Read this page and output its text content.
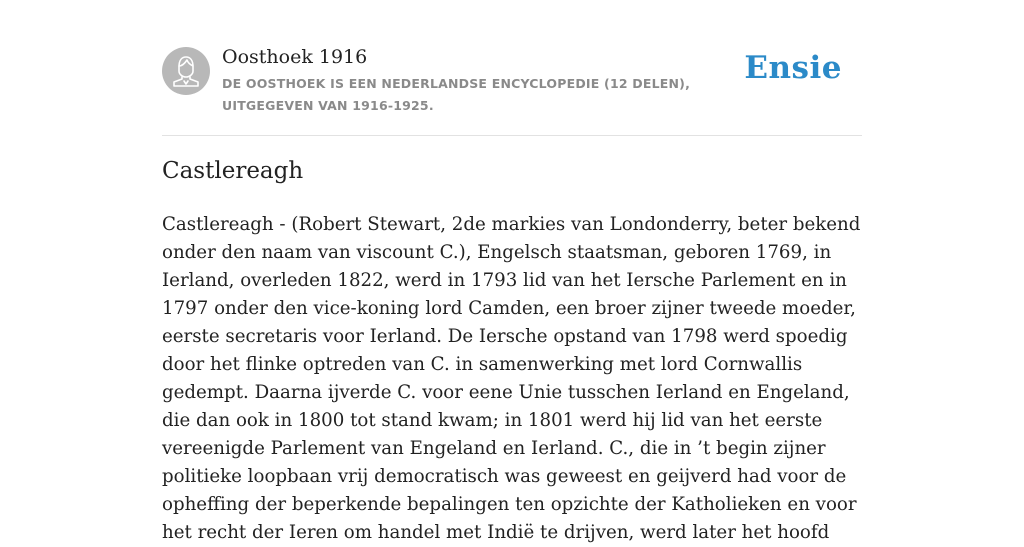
Oosthoek 1916
DE OOSTHOEK IS EEN NEDERLANDSE ENCYCLOPEDIE (12 DELEN), UITGEGEVEN VAN 1916-1925.
Ensie
Castlereagh

Castlereagh - (Robert Stewart, 2de markies van Londonderry, beter bekend onder den naam van viscount C.), Engelsch staatsman, geboren 1769, in Ierland, overleden 1822, werd in 1793 lid van het Iersche Parlement en in 1797 onder den vice-koning lord Camden, een broer zijner tweede moeder, eerste secretaris voor Ierland. De Iersche opstand van 1798 werd spoedig door het flinke optreden van C. in samenwerking met lord Cornwallis gedempt. Daarna ijverde C. voor eene Unie tusschen Ierland en Engeland, die dan ook in 1800 tot stand kwam; in 1801 werd hij lid van het eerste vereenigde Parlement van Engeland en Ierland. C., die in ’t begin zijner politieke loopbaan vrij democratisch was geweest en geijverd had voor de opheffing der beperkende bepalingen ten opzichte der Katholieken en voor het recht der Ieren om handel met Indië te drijven, werd later het hoofd
